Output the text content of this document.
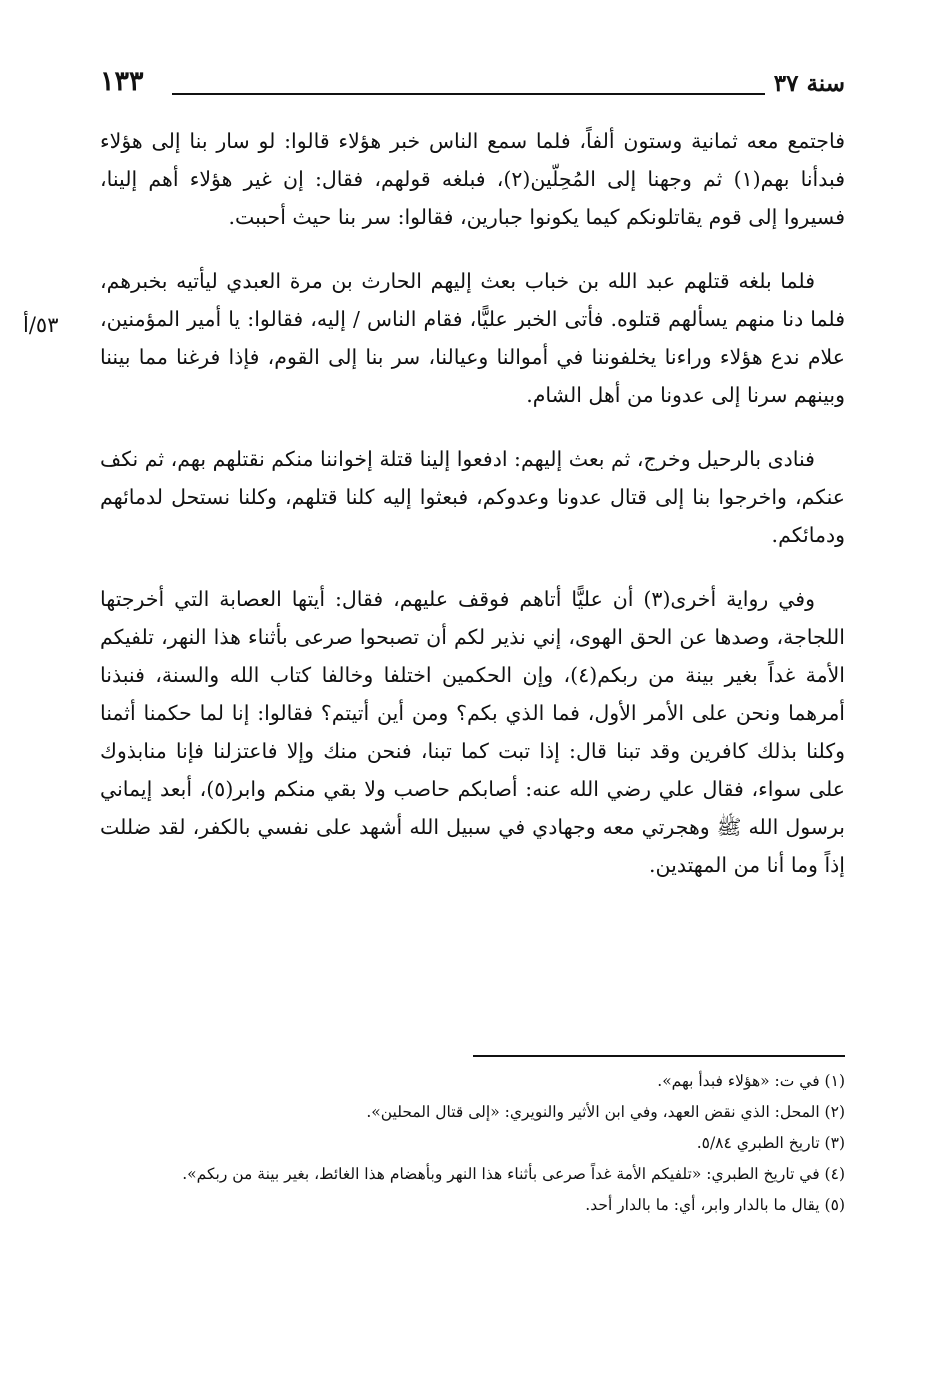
سنة ٣٧
١٣٣
٥٣/أ

فاجتمع معه ثمانية وستون ألفاً، فلما سمع الناس خبر هؤلاء قالوا: لو سار بنا إلى هؤلاء فبدأنا بهم(١) ثم وجهنا إلى المُحِلّين(٢)، فبلغه قولهم، فقال: إن غير هؤلاء أهم إلينا، فسيروا إلى قوم يقاتلونكم كيما يكونوا جبارين، فقالوا: سر بنا حيث أحببت.

فلما بلغه قتلهم عبد الله بن خباب بعث إليهم الحارث بن مرة العبدي ليأتيه بخبرهم، فلما دنا منهم يسألهم قتلوه. فأتى الخبر عليًّا، فقام الناس / إليه، فقالوا: يا أمير المؤمنين، علام ندع هؤلاء وراءنا يخلفوننا في أموالنا وعيالنا، سر بنا إلى القوم، فإذا فرغنا مما بيننا وبينهم سرنا إلى عدونا من أهل الشام.

فنادى بالرحيل وخرج، ثم بعث إليهم: ادفعوا إلينا قتلة إخواننا منكم نقتلهم بهم، ثم نكف عنكم، واخرجوا بنا إلى قتال عدونا وعدوكم، فبعثوا إليه كلنا قتلهم، وكلنا نستحل لدمائهم ودمائكم.

وفي رواية أخرى(٣) أن عليًّا أتاهم فوقف عليهم، فقال: أيتها العصابة التي أخرجتها اللجاجة، وصدها عن الحق الهوى، إني نذير لكم أن تصبحوا صرعى بأثناء هذا النهر، تلفيكم الأمة غداً بغير بينة من ربكم(٤)، وإن الحكمين اختلفا وخالفا كتاب الله والسنة، فنبذنا أمرهما ونحن على الأمر الأول، فما الذي بكم؟ ومن أين أتيتم؟ فقالوا: إنا لما حكمنا أثمنا وكلنا بذلك كافرين وقد تبنا قال: إذا تبت كما تبنا، فنحن منك وإلا فاعتزلنا فإنا منابذوك على سواء، فقال علي رضي الله عنه: أصابكم حاصب ولا بقي منكم وابر(٥)، أبعد إيماني برسول الله ﷺ وهجرتي معه وجهادي في سبيل الله أشهد على نفسي بالكفر، لقد ضللت إذاً وما أنا من المهتدين.

(١) في ت: «هؤلاء فبدأ بهم».

(٢) المحل: الذي نقض العهد، وفي ابن الأثير والنويري: «إلى قتال المحلين».

(٣) تاريخ الطبري ٥/٨٤.

(٤) في تاريخ الطبري: «تلفيكم الأمة غداً صرعى بأثناء هذا النهر وبأهضام هذا الغائط، بغير بينة من ربكم».

(٥) يقال ما بالدار وابر، أي: ما بالدار أحد.
